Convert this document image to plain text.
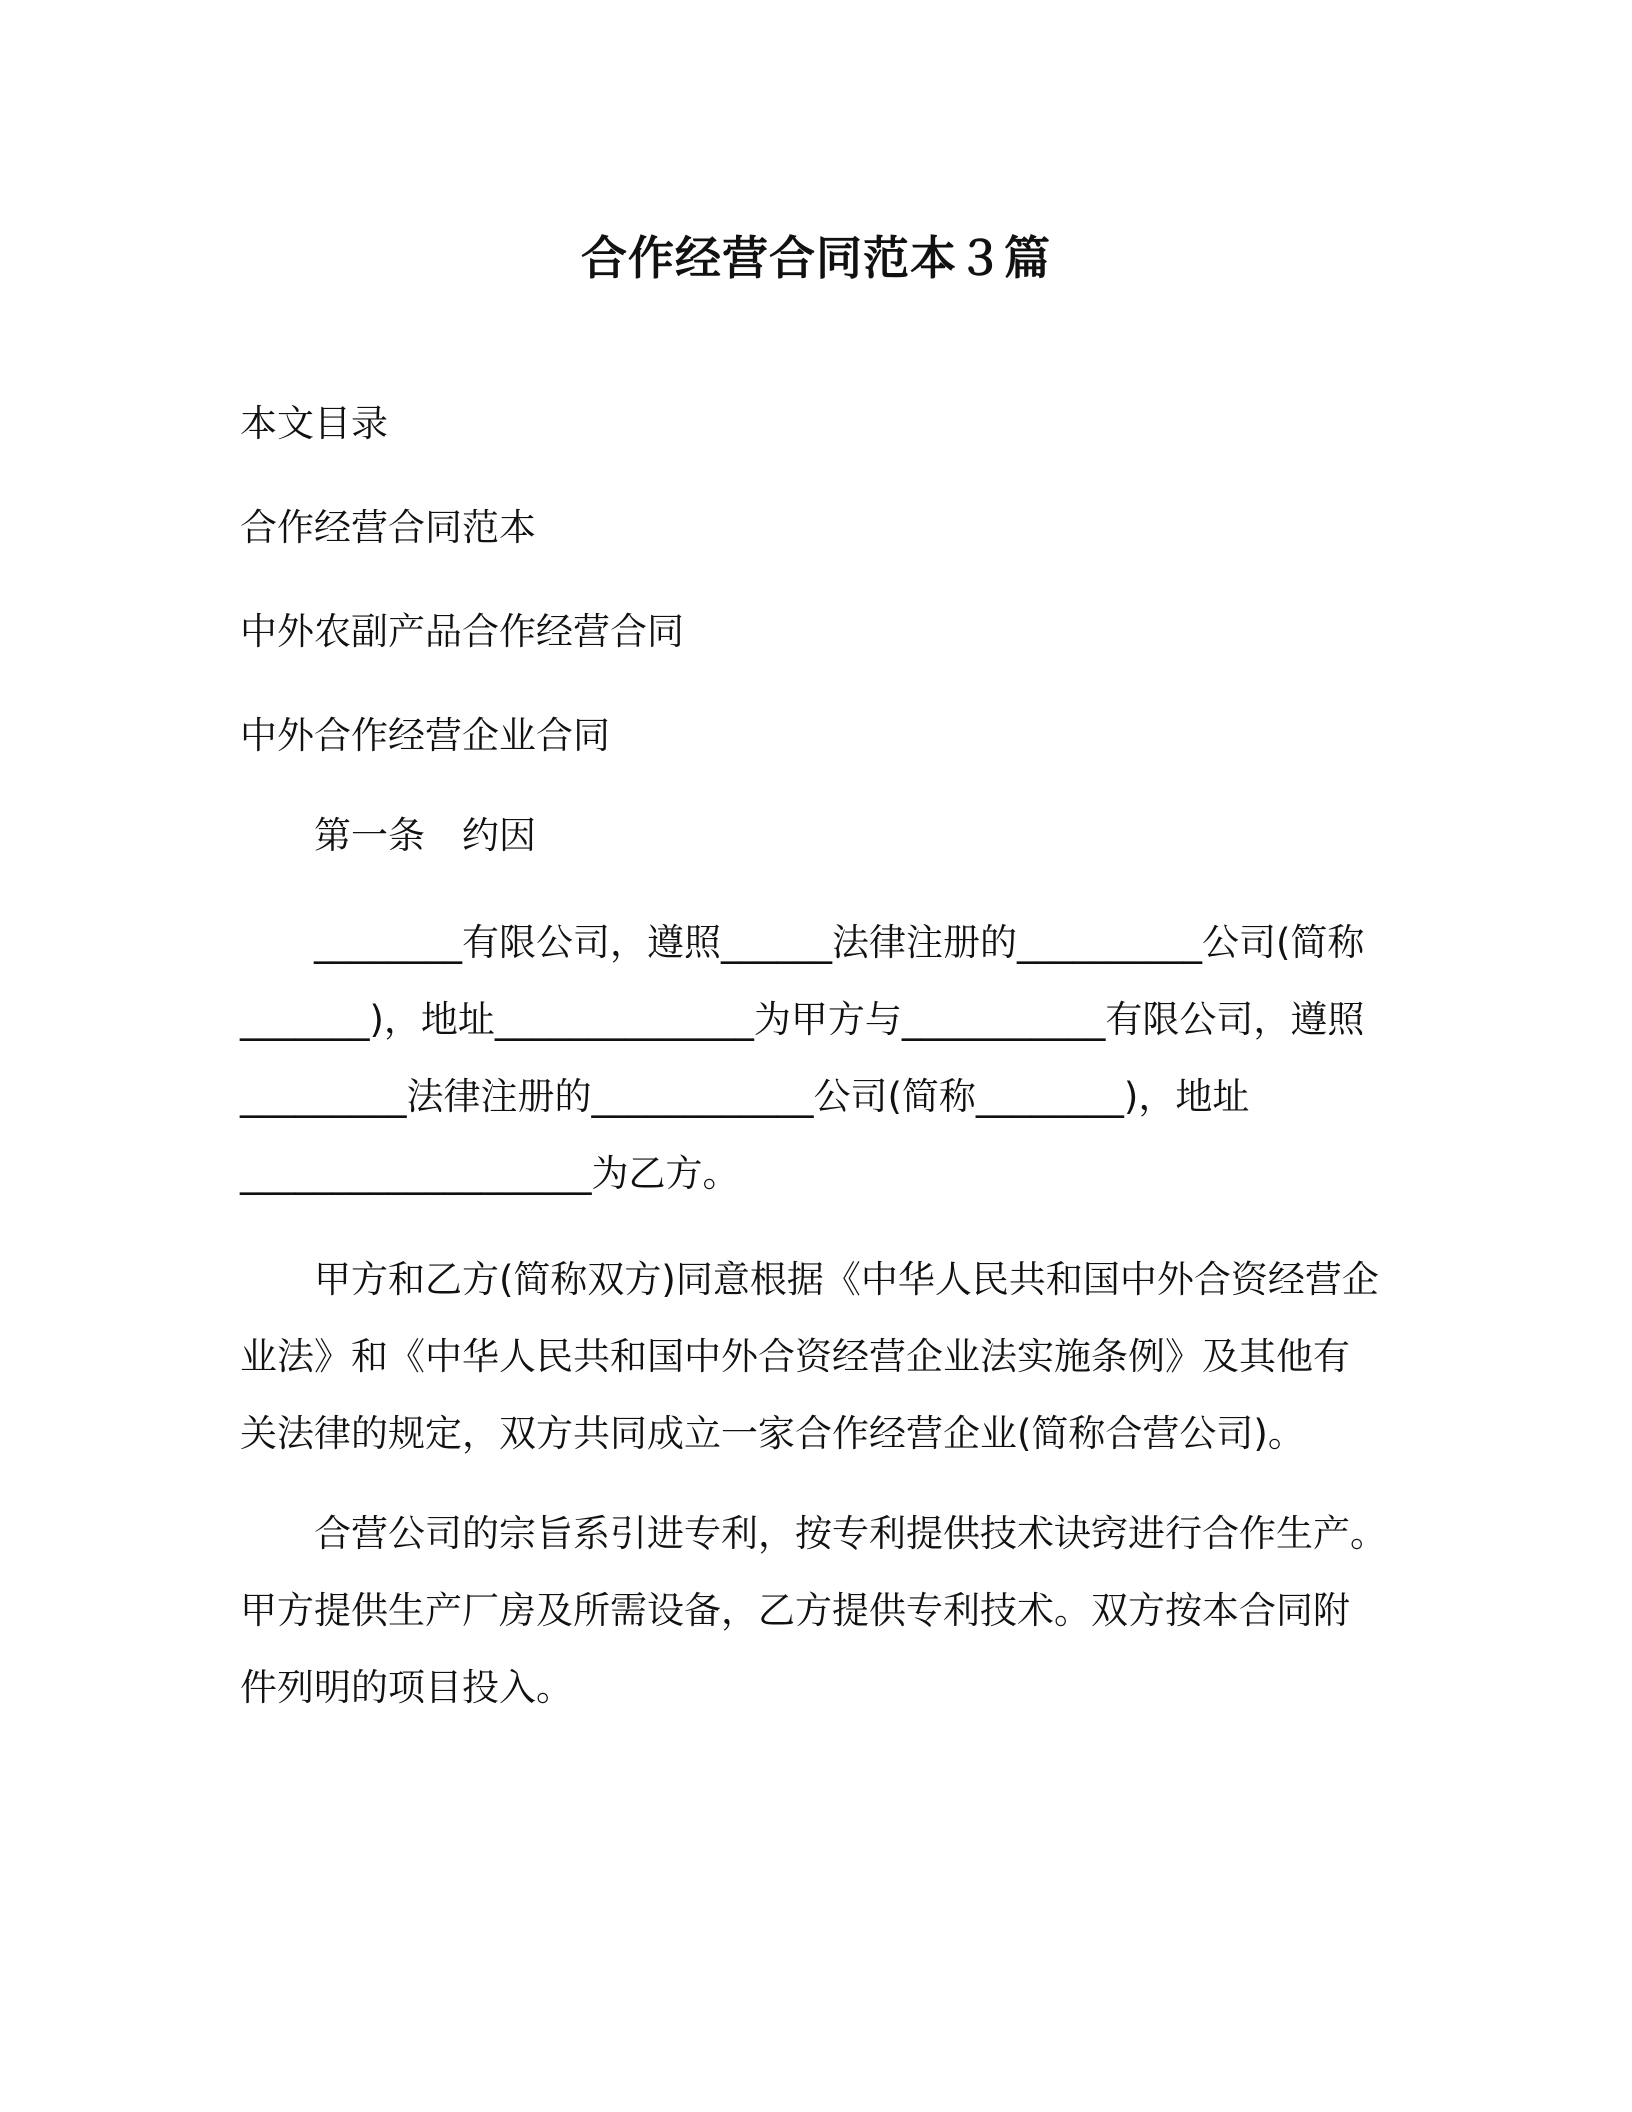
合作经营合同范本３篇
本文目录
合作经营合同范本
中外农副产品合作经营合同
中外合作经营企业合同
第一条　约因

　　________有限公司，遵照______法律注册的__________公司(简称
_______)，地址______________为甲方与___________有限公司，遵照
_________法律注册的____________公司(简称________)，地址
___________________为乙方。

　　甲方和乙方(简称双方)同意根据《中华人民共和国中外合资经营企
业法》和《中华人民共和国中外合资经营企业法实施条例》及其他有
关法律的规定，双方共同成立一家合作经营企业(简称合营公司)。

　　合营公司的宗旨系引进专利，按专利提供技术诀窍进行合作生产。
甲方提供生产厂房及所需设备，乙方提供专利技术。双方按本合同附
件列明的项目投入。
